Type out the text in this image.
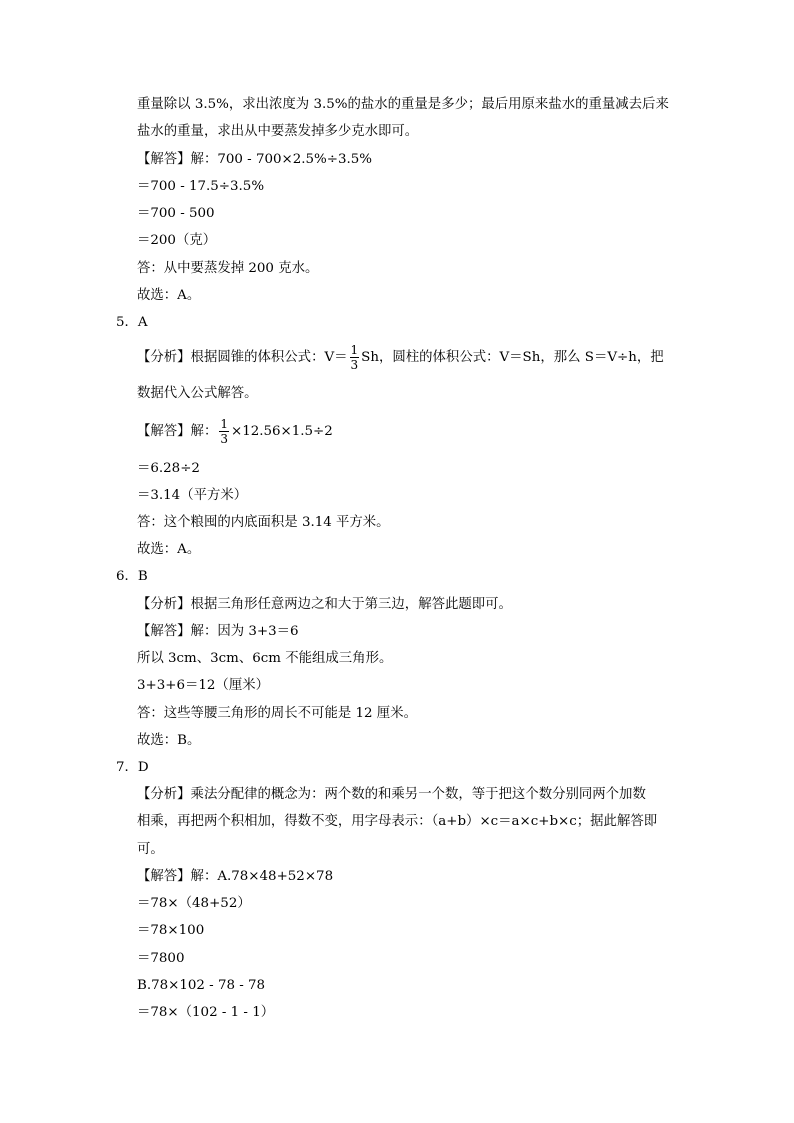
重量除以 3.5%，求出浓度为 3.5%的盐水的重量是多少；最后用原来盐水的重量减去后来
盐水的重量，求出从中要蒸发掉多少克水即可。
【解答】解：700 - 700×2.5%÷3.5%
＝700 - 17.5÷3.5%
＝700 - 500
＝200（克）
答：从中要蒸发掉 200 克水。
故选：A。
5．A
【分析】根据圆锥的体积公式：$V= \frac{1}{3}$ Sh，圆柱的体积公式：V＝Sh，那么 S＝V÷h，把
数据代入公式解答。
【解答】解： $\frac{1}{3} \times 12.56\times 1.5\div 2$
＝6.28÷2
＝3.14（平方米）
答：这个粮囤的内底面积是 3.14 平方米。
故选：A。
6．B
【分析】根据三角形任意两边之和大于第三边，解答此题即可。
【解答】解：因为 3+3＝6
所以 3cm、3cm、6cm 不能组成三角形。
3+3+6＝12（厘米）
答：这些等腰三角形的周长不可能是 12 厘米。
故选：B。
7．D
【分析】乘法分配律的概念为：两个数的和乘另一个数，等于把这个数分别同两个加数
相乘，再把两个积相加，得数不变，用字母表示：（a+b）×c＝a×c+b×c；据此解答即
可。
【解答】解：A.78×48+52×78
＝78×（48+52）
＝78×100
＝7800
B.78×102 - 78 - 78
＝78×（102 - 1 - 1）
